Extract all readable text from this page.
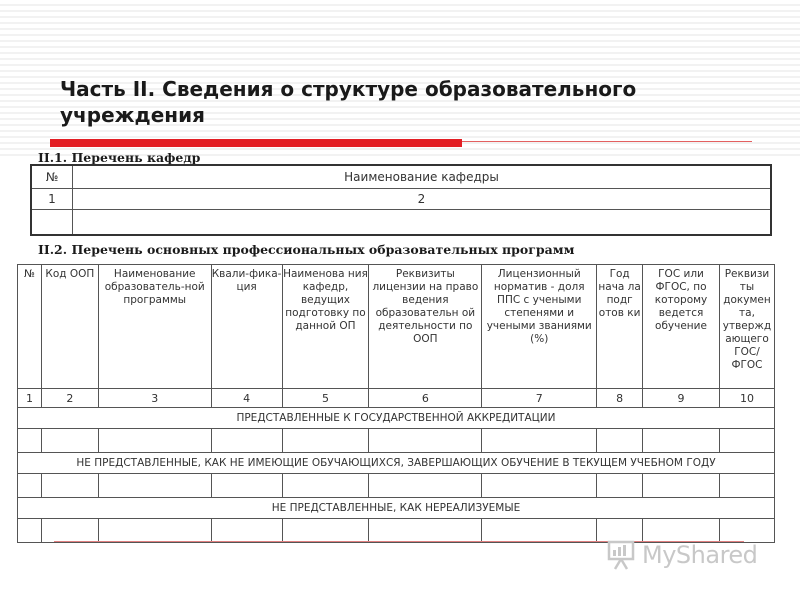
Часть II. Сведения о структуре образовательного учреждения
II.1. Перечень кафедр
№	Наименование кафедры
1	2

II.2. Перечень основных профессиональных образовательных программ
№	Код ООП	Наименование образователь-ной программы	Квали-фика-ция	Наименова ния кафедр, ведущих подготовку по данной ОП	Реквизиты лицензии на право ведения образовательн ой деятельности по ООП	Лицензионный норматив - доля ППС с учеными степенями и учеными званиями (%)	Год нача ла подг отов ки	ГОС или ФГОС, по которому ведется обучение	Реквизи ты докумен та, утвержд ающего ГОС/ ФГОС
1	2	3	4	5	6	7	8	9	10
ПРЕДСТАВЛЕННЫЕ К ГОСУДАРСТВЕННОЙ АККРЕДИТАЦИИ									

НЕ ПРЕДСТАВЛЕННЫЕ, КАК НЕ ИМЕЮЩИЕ ОБУЧАЮЩИХСЯ, ЗАВЕРШАЮЩИХ ОБУЧЕНИЕ В ТЕКУЩЕМ УЧЕБНОМ ГОДУ									

НЕ ПРЕДСТАВЛЕННЫЕ, КАК НЕРЕАЛИЗУЕМЫЕ									

MyShared
